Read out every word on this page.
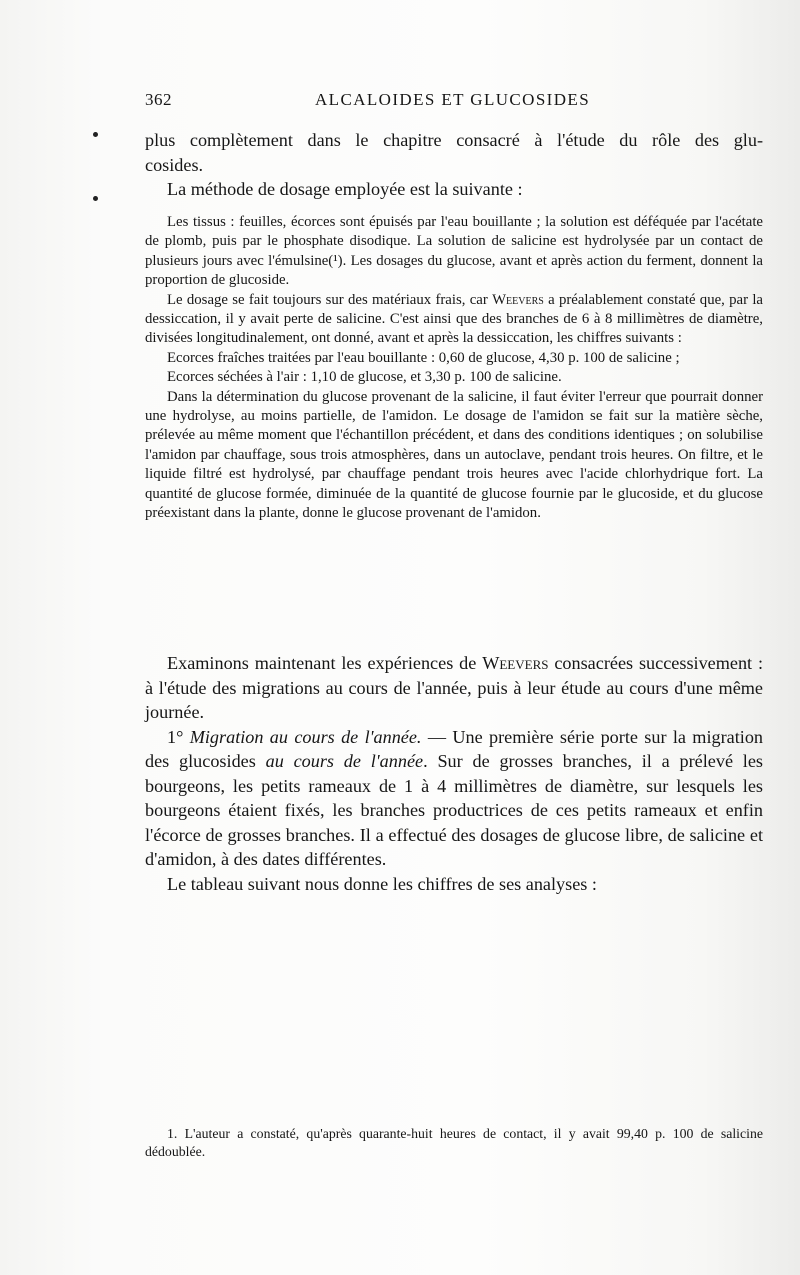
362	ALCALOIDES ET GLUCOSIDES

plus complètement dans le chapitre consacré à l'étude du rôle des glu-

cosides.

La méthode de dosage employée est la suivante :

Les tissus : feuilles, écorces sont épuisés par l'eau bouillante ; la solution est déféquée par l'acétate de plomb, puis par le phosphate disodique. La solution de salicine est hydrolysée par un contact de plusieurs jours avec l'émulsine(¹). Les dosages du glucose, avant et après action du ferment, donnent la proportion de glucoside.

Le dosage se fait toujours sur des matériaux frais, car Weevers a préalablement constaté que, par la dessiccation, il y avait perte de salicine. C'est ainsi que des branches de 6 à 8 millimètres de diamètre, divisées longitudinalement, ont donné, avant et après la dessiccation, les chiffres suivants :

Ecorces fraîches traitées par l'eau bouillante : 0,60 de glucose, 4,30 p. 100 de salicine ;

Ecorces séchées à l'air : 1,10 de glucose, et 3,30 p. 100 de salicine.

Dans la détermination du glucose provenant de la salicine, il faut éviter l'erreur que pourrait donner une hydrolyse, au moins partielle, de l'amidon. Le dosage de l'amidon se fait sur la matière sèche, prélevée au même moment que l'échantillon précédent, et dans des conditions identiques ; on solubilise l'amidon par chauffage, sous trois atmosphères, dans un autoclave, pendant trois heures. On filtre, et le liquide filtré est hydrolysé, par chauffage pendant trois heures avec l'acide chlorhydrique fort. La quantité de glucose formée, diminuée de la quantité de glucose fournie par le glucoside, et du glucose préexistant dans la plante, donne le glucose provenant de l'amidon.

Examinons maintenant les expériences de Weevers consacrées successivement : à l'étude des migrations au cours de l'année, puis à leur étude au cours d'une même journée.

1° Migration au cours de l'année. — Une première série porte sur la migration des glucosides au cours de l'année. Sur de grosses branches, il a prélevé les bourgeons, les petits rameaux de 1 à 4 millimètres de diamètre, sur lesquels les bourgeons étaient fixés, les branches productrices de ces petits rameaux et enfin l'écorce de grosses branches. Il a effectué des dosages de glucose libre, de salicine et d'amidon, à des dates différentes.

Le tableau suivant nous donne les chiffres de ses analyses :

1. L'auteur a constaté, qu'après quarante-huit heures de contact, il y avait 99,40 p. 100 de salicine dédoublée.
